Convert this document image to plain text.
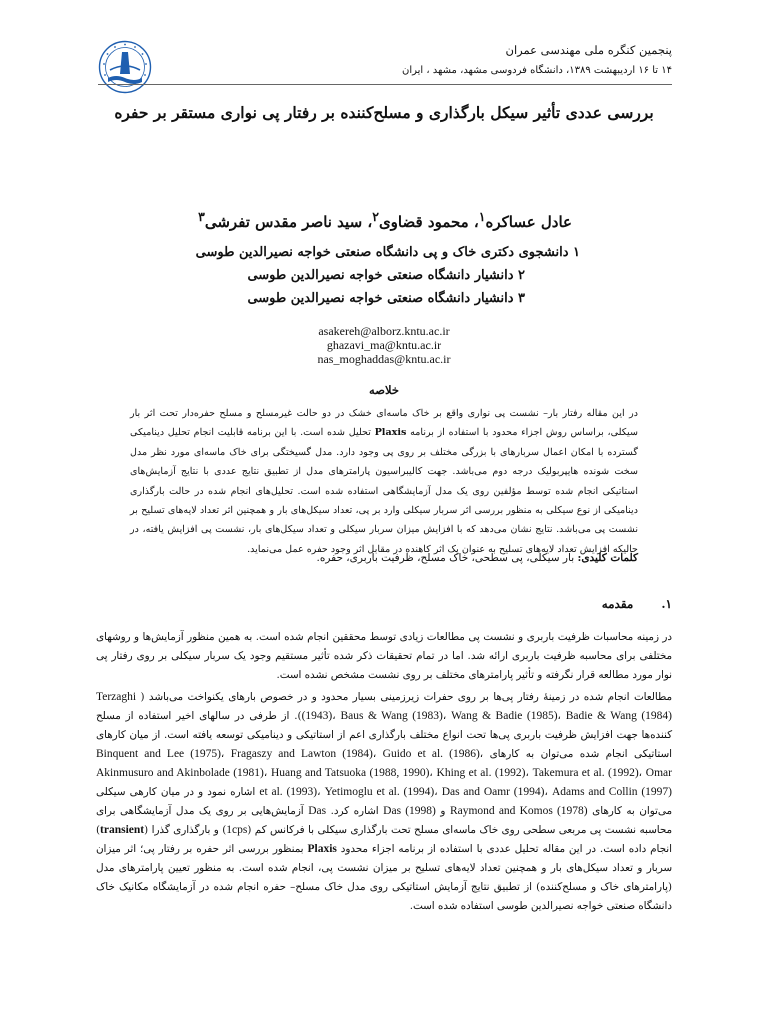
پنجمین کنگره ملی مهندسی عمران
۱۴ تا ۱۶ اردیبهشت ۱۳۸۹، دانشگاه فردوسی مشهد، مشهد ، ایران
بررسی عددی تأثیر سیکل بارگذاری و مسلح‌کننده بر رفتار پی نواری مستقر بر حفره
عادل عساکره$^۱$، محمود قضاوی$^۲$، سید ناصر مقدس تفرشی$^۳$
۱ دانشجوی دکتری خاک و پی دانشگاه صنعتی خواجه نصیرالدین طوسی
۲ دانشیار دانشگاه صنعتی خواجه نصیرالدین طوسی
۳ دانشیار دانشگاه صنعتی خواجه نصیرالدین طوسی
asakereh@alborz.kntu.ac.ir
ghazavi_ma@kntu.ac.ir
nas_moghaddas@kntu.ac.ir
خلاصه
در این مقاله رفتار بار– نشست پی نواری واقع بر خاک ماسه‌ای خشک در دو حالت غیرمسلح و مسلح حفره‌دار تحت اثر بار سیکلی، براساس روش اجزاء محدود با استفاده از برنامه Plaxis تحلیل شده است. با این برنامه قابلیت انجام تحلیل دینامیکی گسترده با امکان اعمال سربارهای با بزرگی مختلف بر روی پی وجود دارد. مدل گسیختگی برای خاک ماسه‌ای مورد نظر مدل سخت شونده هایپربولیک درجه دوم می‌باشد. جهت کالیبراسیون پارامترهای مدل از تطبیق نتایج عددی با نتایج آزمایش‌های استاتیکی انجام شده توسط مؤلفین روی یک مدل آزمایشگاهی استفاده شده است. تحلیل‌های انجام شده در حالت بارگذاری دینامیکی از نوع سیکلی به منظور بررسی اثر سربار سیکلی وارد بر پی، تعداد سیکل‌های بار و همچنین اثر تعداد لایه‌های تسلیح بر نشست پی می‌باشد. نتایج نشان می‌دهد که با افزایش میزان سربار سیکلی و تعداد سیکل‌های بار، نشست پی افزایش یافته، در حالیکه افزایش تعداد لایه‌های تسلیح به عنوان یک اثر کاهنده در مقابل اثر وجود حفره عمل می‌نماید.
کلمات کلیدی: بار سیکلی، پی سطحی، خاک مسلح، ظرفیت باربری، حفره.
۱.مقدمه
در زمینه محاسبات ظرفیت باربری و نشست پی مطالعات زیادی توسط محققین انجام شده است. به همین منظور آزمایش‌ها و روشهای مختلفی برای محاسبه ظرفیت باربری ارائه شد. اما در تمام تحقیقات ذکر شده تأثیر مستقیم وجود یک سربار سیکلی بر روی رفتار پی نوار مورد مطالعه قرار نگرفته و تأثیر پارامترهای مختلف بر روی نشست مشخص نشده است.
مطالعات انجام شده در زمینهٔ رفتار پی‌ها بر روی حفرات زیرزمینی بسیار محدود و در خصوص بارهای یکنواخت می‌باشد ( Terzaghi (1943)، Baus & Wang (1983)، Wang & Badie (1985)، Badie & Wang (1984)). از طرفی در سالهای اخیر استفاده از مسلح کننده‌ها جهت افزایش ظرفیت باربری پی‌ها تحت انواع مختلف بارگذاری اعم از استاتیکی و دینامیکی توسعه یافته است. از میان کارهای استاتیکی انجام شده می‌توان به کارهای Binquent and Lee (1975)، Fragaszy and Lawton (1984)، Guido et al. (1986)، Akinmusuro and Akinbolade (1981)، Huang and Tatsuoka (1988, 1990)، Khing et al. (1992)، Takemura et al. (1992)، Omar et al. (1993)، Yetimoglu et al. (1994)، Das and Oamr (1994)، Adams and Collin (1997) اشاره نمود و در میان کارهی سیکلی می‌توان به کارهای Raymond and Komos (1978) و Das (1998) اشاره کرد. Das آزمایش‌هایی بر روی یک مدل آزمایشگاهی برای محاسبه نشست پی مربعی سطحی روی خاک ماسه‌ای مسلح تحت بارگذاری سیکلی با فرکانس کم (1cps) و بارگذاری گذرا (transient) انجام داده است. در این مقاله تحلیل عددی با استفاده از برنامه اجزاء محدود Plaxis بمنظور بررسی اثر حفره بر رفتار پی؛ اثر میزان سربار و تعداد سیکل‌های بار و همچنین تعداد لایه‌های تسلیح بر میزان نشست پی، انجام شده است. به منظور تعیین پارامترهای مدل (پارامترهای خاک و مسلح‌کننده) از تطبیق نتایج آزمایش استاتیکی روی مدل خاک مسلح– حفره انجام شده در آزمایشگاه مکانیک خاک دانشگاه صنعتی خواجه نصیرالدین طوسی استفاده شده است.
